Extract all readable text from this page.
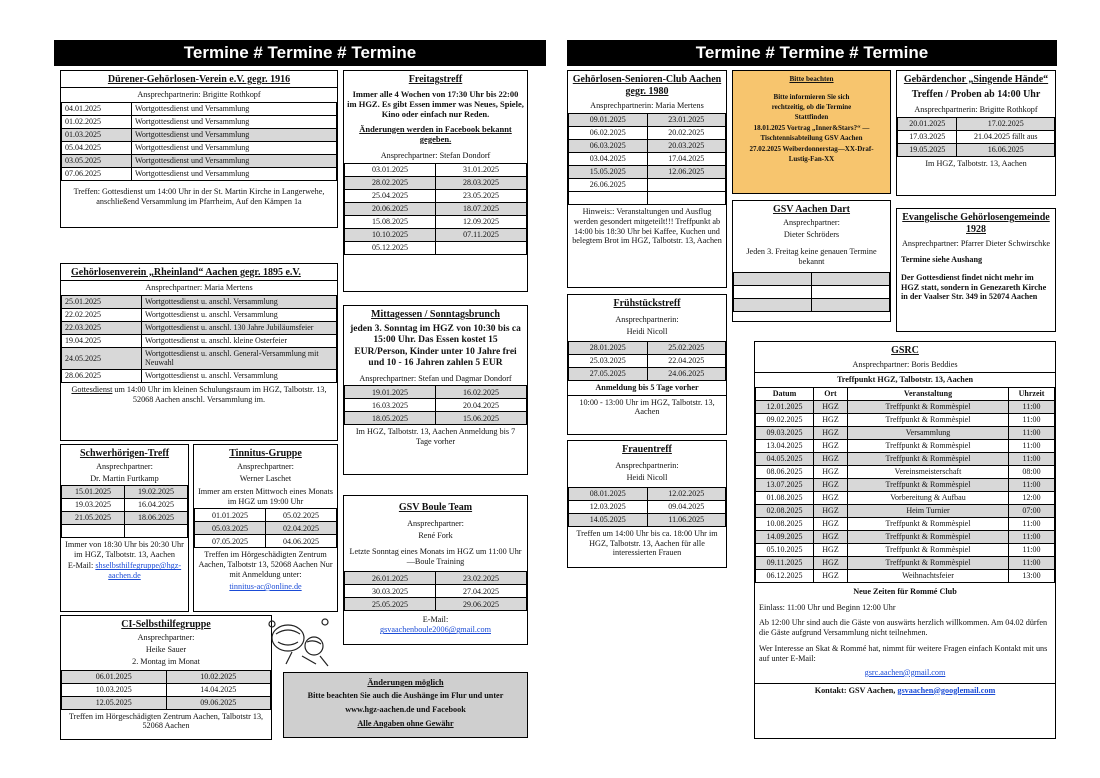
Termine # Termine # Termine
Dürener-Gehörlosen-Verein e.V. gegr. 1916
Ansprechpartnerin: Brigitte Rothkopf
04.01.2025	Wortgottesdienst und Versammlung
01.02.2025	Wortgottesdienst und Versammlung
01.03.2025	Wortgottesdienst und Versammlung
05.04.2025	Wortgottesdienst und Versammlung
03.05.2025	Wortgottesdienst und Versammlung
07.06.2025	Wortgottesdienst und Versammlung
Treffen: Gottesdienst um 14:00 Uhr in der St. Martin Kirche in Langerwehe, anschließend Versammlung im Pfarrheim, Auf den Kämpen 1a
Freitagstreff
Immer alle 4 Wochen von 17:30 Uhr bis 22:00 im HGZ. Es gibt Essen immer was Neues, Spiele, Kino oder einfach nur Reden.
Änderungen werden in Facebook bekannt gegeben.
Ansprechpartner: Stefan Dondorf
03.01.2025	31.01.2025
28.02.2025	28.03.2025
25.04.2025	23.05.2025
20.06.2025	18.07.2025
15.08.2025	12.09.2025
10.10.2025	07.11.2025
05.12.2025	
Gehörlosenverein „Rheinland“ Aachen gegr. 1895 e.V.
Ansprechpartner: Maria Mertens
25.01.2025	Wortgottesdienst u. anschl. Versammlung
22.02.2025	Wortgottesdienst u. anschl. Versammlung
22.03.2025	Wortgottesdienst u. anschl. 130 Jahre Jubiläumsfeier
19.04.2025	Wortgottesdienst u. anschl. kleine Osterfeier
24.05.2025	Wortgottesdienst u. anschl. General-Versammlung mit Neuwahl
28.06.2025	Wortgottesdienst u. anschl. Versammlung
Gottesdienst um 14:00 Uhr im kleinen Schulungsraum im HGZ, Talbotstr. 13, 52068 Aachen anschl. Versammlung im.
Mittagessen / Sonntagsbrunch
jeden 3. Sonntag im HGZ von 10:30 bis ca 15:00 Uhr. Das Essen kostet 15 EUR/Person, Kinder unter 10 Jahre frei und 10 - 16 Jahren zahlen 5 EUR
Ansprechpartner: Stefan und Dagmar Dondorf
19.01.2025	16.02.2025
16.03.2025	20.04.2025
18.05.2025	15.06.2025
Im HGZ, Talbotstr. 13, Aachen Anmeldung bis 7 Tage vorher
Schwerhörigen-Treff
Ansprechpartner:
Dr. Martin Furtkamp
15.01.2025	19.02.2025
19.03.2025	16.04.2025
21.05.2025	18.06.2025

Immer von 18:30 Uhr bis 20:30 Uhr im HGZ, Talbotstr. 13, Aachen
E-Mail: shselbsthilfegruppe@hgz-aachen.de
Tinnitus-Gruppe
Ansprechpartner:
Werner Laschet
Immer am ersten Mittwoch eines Monats im HGZ um 19:00 Uhr
01.01.2025	05.02.2025
05.03.2025	02.04.2025
07.05.2025	04.06.2025
Treffen im Hörgeschädigten Zentrum Aachen, Talbotstr 13, 52068 Aachen Nur mit Anmeldung unter:
tinnitus-ac@online.de
CI-Selbsthilfegruppe
Ansprechpartner:
Heike Sauer
2. Montag im Monat
06.01.2025	10.02.2025
10.03.2025	14.04.2025
12.05.2025	09.06.2025
Treffen im Hörgeschädigten Zentrum Aachen, Talbotstr 13, 52068 Aachen
GSV Boule Team
Ansprechpartner:
René Fork
Letzte Sonntag eines Monats im HGZ um 11:00 Uhr—Boule Training
26.01.2025	23.02.2025
30.03.2025	27.04.2025
25.05.2025	29.06.2025
E-Mail:
gsvaachenboule2006@gmail.com
Änderungen möglich
Bitte beachten Sie auch die Aushänge im Flur und unter
www.hgz-aachen.de und Facebook
Alle Angaben ohne Gewähr
Termine # Termine # Termine
Gehörlosen-Senioren-Club Aachen gegr. 1980
Ansprechpartnerin: Maria Mertens
09.01.2025	23.01.2025
06.02.2025	20.02.2025
06.03.2025	20.03.2025
03.04.2025	17.04.2025
15.05.2025	12.06.2025
26.06.2025	

Hinweis:: Veranstaltungen und Ausflug werden gesondert mitgeteilt!!! Treffpunkt ab 14:00 bis 18:30 Uhr bei Kaffee, Kuchen und belegtem Brot im HGZ, Talbotstr. 13, Aachen
Bitte beachten
Bitte informieren Sie sich
rechtzeitig, ob die Termine
Stattfinden
18.01.2025 Vortrag „Inner&Stars?“ —
Tischtennisabteilung GSV Aachen
27.02.2025 Weiberdonnerstag—XX-Draf-
Lustig-Fan-XX
Gebärdenchor „Singende Hände“
Treffen / Proben ab 14:00 Uhr
Ansprechpartnerin: Brigitte Rothkopf
20.01.2025	17.02.2025
17.03.2025	21.04.2025 fällt aus
19.05.2025	16.06.2025
Im HGZ, Talbotstr. 13, Aachen
GSV Aachen Dart
Ansprechpartner:
Dieter Schröders
Jeden 3. Freitag keine genauen Termine bekannt

Evangelische Gehörlosengemeinde 1928
Ansprechpartner: Pfarrer Dieter Schwirschke
Termine siehe Aushang
Der Gottesdienst findet nicht mehr im HGZ statt, sondern in Genezareth Kirche in der Vaalser Str. 349 in 52074 Aachen
Frühstückstreff
Ansprechpartnerin:
Heidi Nicoll
28.01.2025	25.02.2025
25.03.2025	22.04.2025
27.05.2025	24.06.2025
Anmeldung bis 5 Tage vorher
10:00 - 13:00 Uhr im HGZ, Talbotstr. 13, Aachen
Frauentreff
Ansprechpartnerin:
Heidi Nicoll
08.01.2025	12.02.2025
12.03.2025	09.04.2025
14.05.2025	11.06.2025
Treffen um 14:00 Uhr bis ca. 18:00 Uhr im HGZ, Talbotstr. 13, Aachen für alle interessierten Frauen
GSRC
Ansprechpartner: Boris Beddies
Treffpunkt HGZ, Talbotstr. 13, Aachen
Datum	Ort	Veranstaltung	Uhrzeit
12.01.2025	HGZ	Treffpunkt & Rommèspiel	11:00
09.02.2025	HGZ	Treffpunkt & Rommèspiel	11:00
09.03.2025	HGZ	Versammlung	11:00
13.04.2025	HGZ	Treffpunkt & Rommèspiel	11:00
04.05.2025	HGZ	Treffpunkt & Rommèspiel	11:00
08.06.2025	HGZ	Vereinsmeisterschaft	08:00
13.07.2025	HGZ	Treffpunkt & Rommèspiel	11:00
01.08.2025	HGZ	Vorbereitung & Aufbau	12:00
02.08.2025	HGZ	Heim Turnier	07:00
10.08.2025	HGZ	Treffpunkt & Rommèspiel	11:00
14.09.2025	HGZ	Treffpunkt & Rommèspiel	11:00
05.10.2025	HGZ	Treffpunkt & Rommèspiel	11:00
09.11.2025	HGZ	Treffpunkt & Rommèspiel	11:00
06.12.2025	HGZ	Weihnachtsfeier	13:00
Neue Zeiten für Rommé Club
Einlass: 11:00 Uhr und Beginn 12:00 Uhr
Ab 12:00 Uhr sind auch die Gäste von auswärts herzlich willkommen. Am 04.02 dürfen die Gäste aufgrund Versammlung nicht teilnehmen.
Wer Interesse an Skat & Rommé hat, nimmt für weitere Fragen einfach Kontakt mit uns auf unter E-Mail:
gsrc.aachen@gmail.com
Kontakt: GSV Aachen, gsvaachen@googlemail.com
